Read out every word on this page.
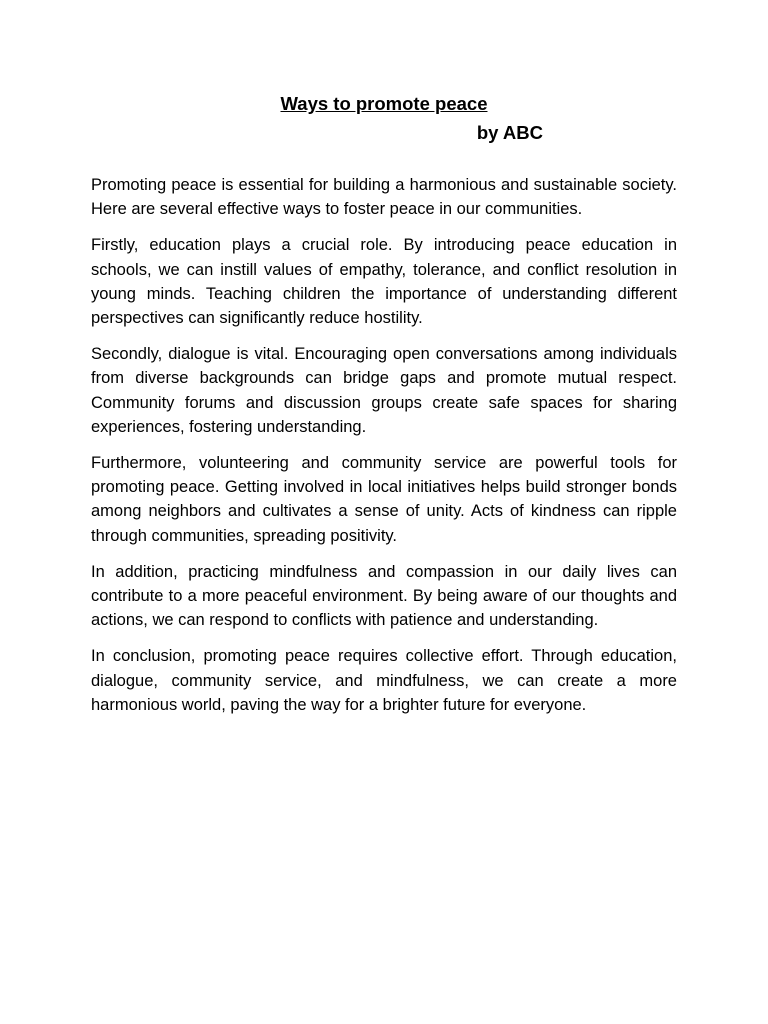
Ways to promote peace
by ABC

Promoting peace is essential for building a harmonious and sustainable society. Here are several effective ways to foster peace in our communities.

Firstly, education plays a crucial role. By introducing peace education in schools, we can instill values of empathy, tolerance, and conflict resolution in young minds. Teaching children the importance of understanding different perspectives can significantly reduce hostility.

Secondly, dialogue is vital. Encouraging open conversations among individuals from diverse backgrounds can bridge gaps and promote mutual respect. Community forums and discussion groups create safe spaces for sharing experiences, fostering understanding.

Furthermore, volunteering and community service are powerful tools for promoting peace. Getting involved in local initiatives helps build stronger bonds among neighbors and cultivates a sense of unity. Acts of kindness can ripple through communities, spreading positivity.

In addition, practicing mindfulness and compassion in our daily lives can contribute to a more peaceful environment. By being aware of our thoughts and actions, we can respond to conflicts with patience and understanding.

In conclusion, promoting peace requires collective effort. Through education, dialogue, community service, and mindfulness, we can create a more harmonious world, paving the way for a brighter future for everyone.
